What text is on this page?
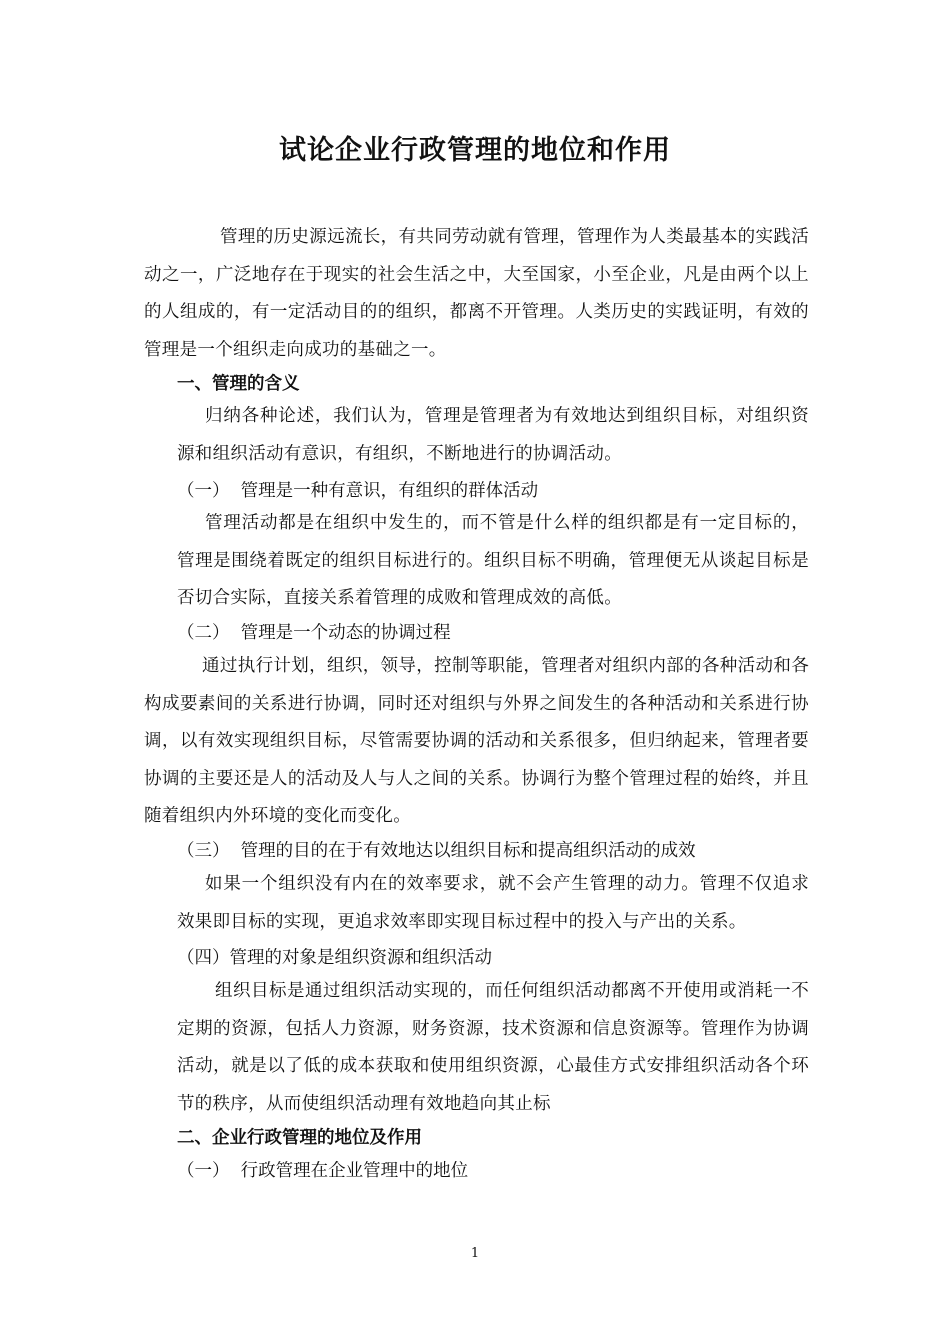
试论企业行政管理的地位和作用

管理的历史源远流长，有共同劳动就有管理，管理作为人类最基本的实践活动之一，广泛地存在于现实的社会生活之中，大至国家，小至企业，凡是由两个以上的人组成的，有一定活动目的的组织，都离不开管理。人类历史的实践证明，有效的管理是一个组织走向成功的基础之一。

一、管理的含义

归纳各种论述，我们认为，管理是管理者为有效地达到组织目标，对组织资源和组织活动有意识，有组织，不断地进行的协调活动。

（一）  管理是一种有意识，有组织的群体活动

管理活动都是在组织中发生的，而不管是什么样的组织都是有一定目标的，管理是围绕着既定的组织目标进行的。组织目标不明确，管理便无从谈起目标是否切合实际，直接关系着管理的成败和管理成效的高低。

（二）  管理是一个动态的协调过程

通过执行计划，组织，领导，控制等职能，管理者对组织内部的各种活动和各构成要素间的关系进行协调，同时还对组织与外界之间发生的各种活动和关系进行协调，以有效实现组织目标，尽管需要协调的活动和关系很多，但归纳起来，管理者要协调的主要还是人的活动及人与人之间的关系。协调行为整个管理过程的始终，并且随着组织内外环境的变化而变化。

（三）  管理的目的在于有效地达以组织目标和提高组织活动的成效

如果一个组织没有内在的效率要求，就不会产生管理的动力。管理不仅追求效果即目标的实现，更追求效率即实现目标过程中的投入与产出的关系。

（四）管理的对象是组织资源和组织活动

组织目标是通过组织活动实现的，而任何组织活动都离不开使用或消耗一不定期的资源，包括人力资源，财务资源，技术资源和信息资源等。管理作为协调活动，就是以了低的成本获取和使用组织资源，心最佳方式安排组织活动各个环节的秩序，从而使组织活动理有效地趋向其止标

二、企业行政管理的地位及作用
（一）  行政管理在企业管理中的地位
1
